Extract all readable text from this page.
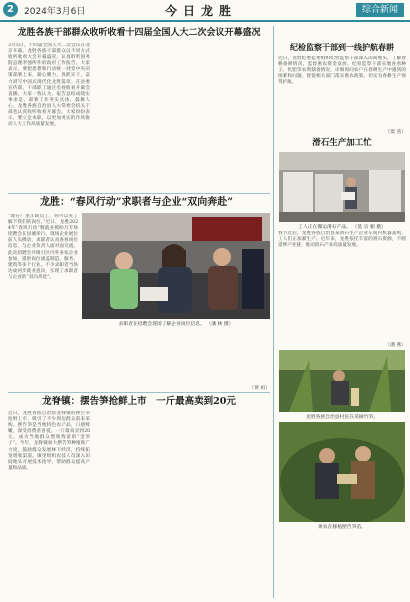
2	2024年3月6日	今日龙胜	综合新闻
龙胜各族干部群众收听收看十四届全国人大二次会议开幕盛况
3月5日，十四届全国人大二次会议在北京开幕。龙胜各族干部群众以不同方式收听收看大会开幕盛况，认真聆听国务院总理李强所作的政府工作报告。大家表示，要把思想和行动统一到党中央决策部署上来，凝心聚力、真抓实干，奋力谱写中国式现代化龙胜篇章。在县委宣传部，干部职工通过电视收看开幕会直播。大家一致认为，报告总结成绩实事求是，部署工作务实具体，鼓舞人心。龙胜各族自治县人大常委会机关干部也认真收听收看开幕会。大家纷纷表示，要立足本职，以更加务实的作风推动人大工作高质量发展。
龙胜：“春风行动”求职者与企业“双向奔赴”
“现在厂里正缺员工，你可以先了解下我们的岗位。”近日，龙胜2024年“春风行动”暨就业援助月专场招聘会在县城举行。现场企业展位前人头攒动，求职者认真查看岗位信息，与企业负责人面对面交流。此次招聘会共吸引区内外多家企业参加，提供岗位涵盖制造、服务、建筑等多个行业。不少求职者当场达成初步就业意向，实现了求职者与企业的“双向奔赴”。
求职者在招聘会现场了解企业岗位信息。 （潘 林 摄）
（黄 祖）
龙脊镇：摆告笋抢鲜上市　一斤最高卖到20元
近日，龙胜各族自治县龙脊镇的摆告笋抢鲜上市，吸引了不少周边群众前来采购。摆告笋是当地特色农产品，口感鲜嫩，深受消费者喜爱。一斤最高卖到20元，成为当地群众增收致富的“金笋子”。今年，龙脊镇加大摆告笋种植推广力度，鼓励群众发展林下经济，持续拓宽增收渠道。镇里组织农技人员深入田间地头开展技术指导，帮助群众提高产量和品质。
纪检监察干部到一线护航春耕
近日，龙胜纪委监委组织纪检监察干部深入田间地头，了解春耕备耕情况，监督惠农资金发放。纪检监察干部实地查看种子、化肥等农资储备情况，详细询问农户在春耕生产中遇到的困难和问题，督促相关部门落实惠农政策，切实为春耕生产保驾护航。
（粟 茜）
滑石生产加工忙
工人正在搬运滑石产品。 （莫 宗 朝 摄）
春节过后，龙胜各族自治县某滑石生产企业车间内机器轰鸣，工人们正加紧生产。近年来，龙胜依托丰富的滑石资源，不断延伸产业链，推动滑石产业高质量发展。
（潘 燕）
龙胜各族自治县村民在采摘竹笋。
果农在移植摆告笋苗。
